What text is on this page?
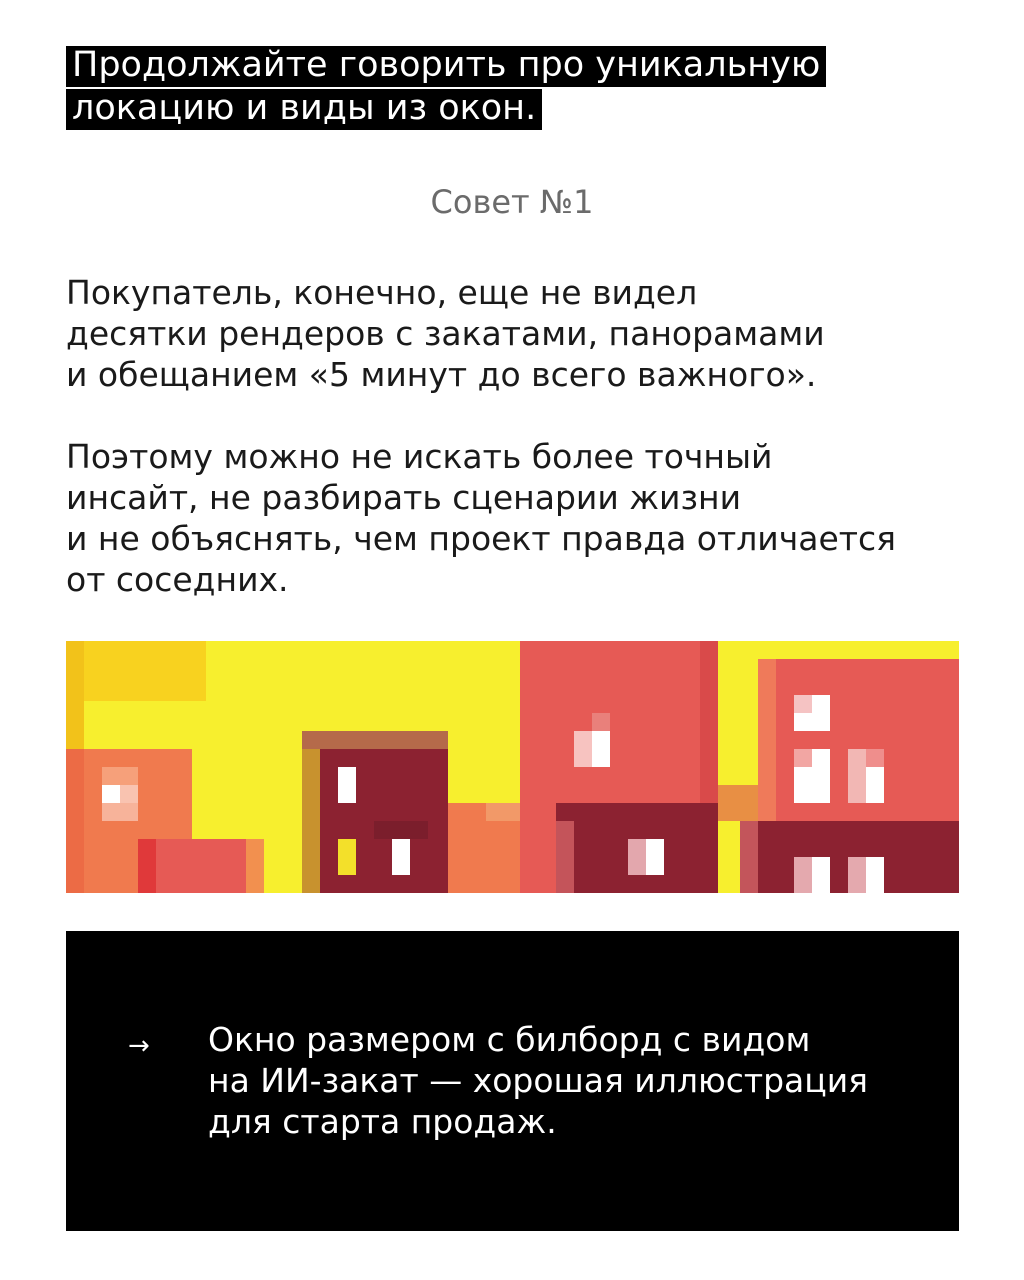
Продолжайте говорить про уникальную
локацию и виды из окон.
Совет №1
Покупатель, конечно, еще не видел
десятки рендеров с закатами, панорамами
и обещанием «5 минут до всего важного».
Поэтому можно не искать более точный
инсайт, не разбирать сценарии жизни
и не объяснять, чем проект правда отличается
от соседних.
→ Окно размером с билборд с видом
на ИИ-закат — хорошая иллюстрация
для старта продаж.
